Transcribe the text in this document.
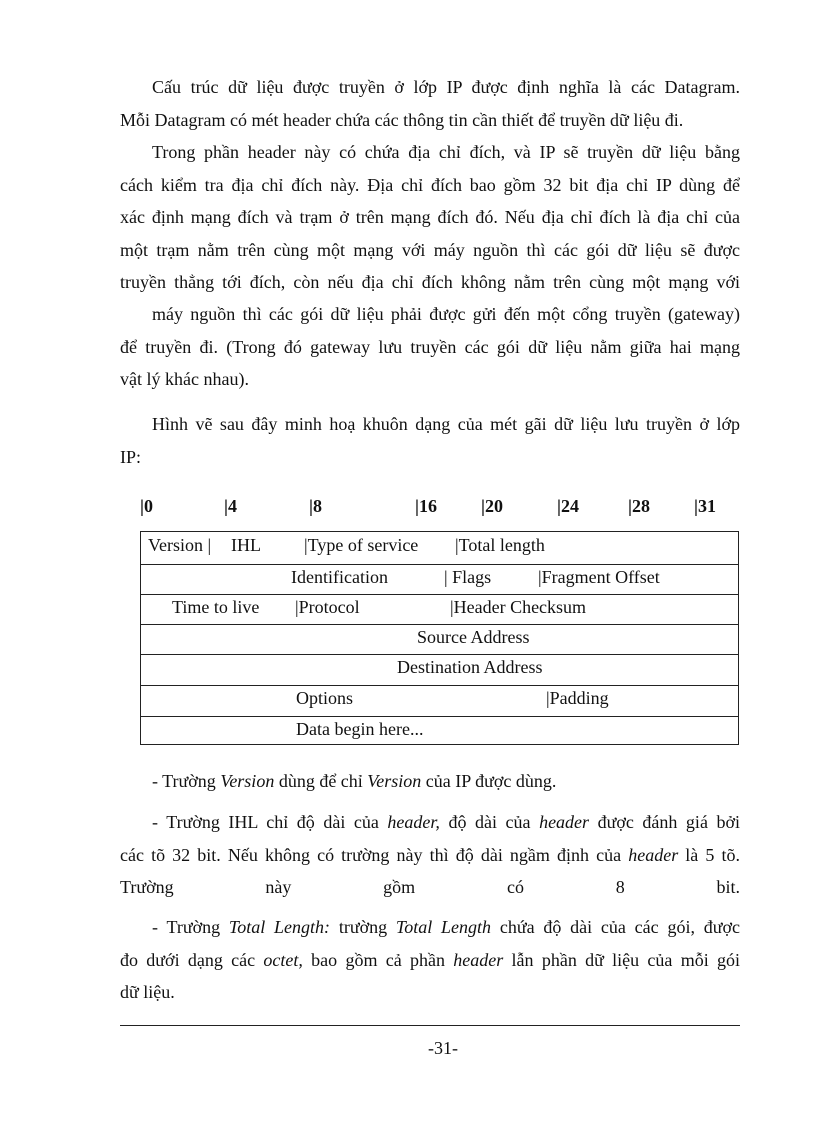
Cấu trúc dữ liệu được truyền ở lớp IP được định nghĩa là các Datagram.
Mỗi Datagram có mét header chứa các thông tin cần thiết để truyền dữ liệu đi.
Trong phần header này có chứa địa chỉ đích, và IP sẽ truyền dữ liệu bằng
cách kiểm tra địa chỉ đích này. Địa chỉ đích bao gồm 32 bit địa chỉ IP dùng để
xác định mạng đích và trạm ở trên mạng đích đó. Nếu địa chỉ đích là địa chỉ của
một trạm nằm trên cùng một mạng với máy nguồn thì các gói dữ liệu sẽ được
truyền thẳng tới đích, còn nếu địa chỉ đích không nằm trên cùng một mạng với
máy nguồn thì các gói dữ liệu phải được gửi đến một cổng truyền (gateway)
để truyền đi. (Trong đó gateway lưu truyền các gói dữ liệu nằm giữa hai mạng
vật lý khác nhau).
Hình vẽ sau đây minh hoạ khuôn dạng của mét gãi dữ liệu lưu truyền ở lớp
IP:
|0	|4	|8	|16 |20	|24	|28 |31
Version | IHL |Type of service |Total length
Identification	| Flags	|Fragment Offset
Time to live |Protocol	|Header Checksum
Source Address
Destination Address
Options	|Padding
Data begin here...
- Trường Version dùng để chỉ Version của IP được dùng.
- Trường IHL chỉ độ dài của header, độ dài của header được đánh giá bởi
các tõ 32 bit. Nếu không có trường này thì độ dài ngầm định của header là 5 tõ.
Trường	này	gồm	có	8	bit.
- Trường Total Length: trường Total Length chứa độ dài của các gói, được
đo dưới dạng các octet, bao gồm cả phần header lẫn phần dữ liệu của mỗi gói
dữ liệu.
-31-
